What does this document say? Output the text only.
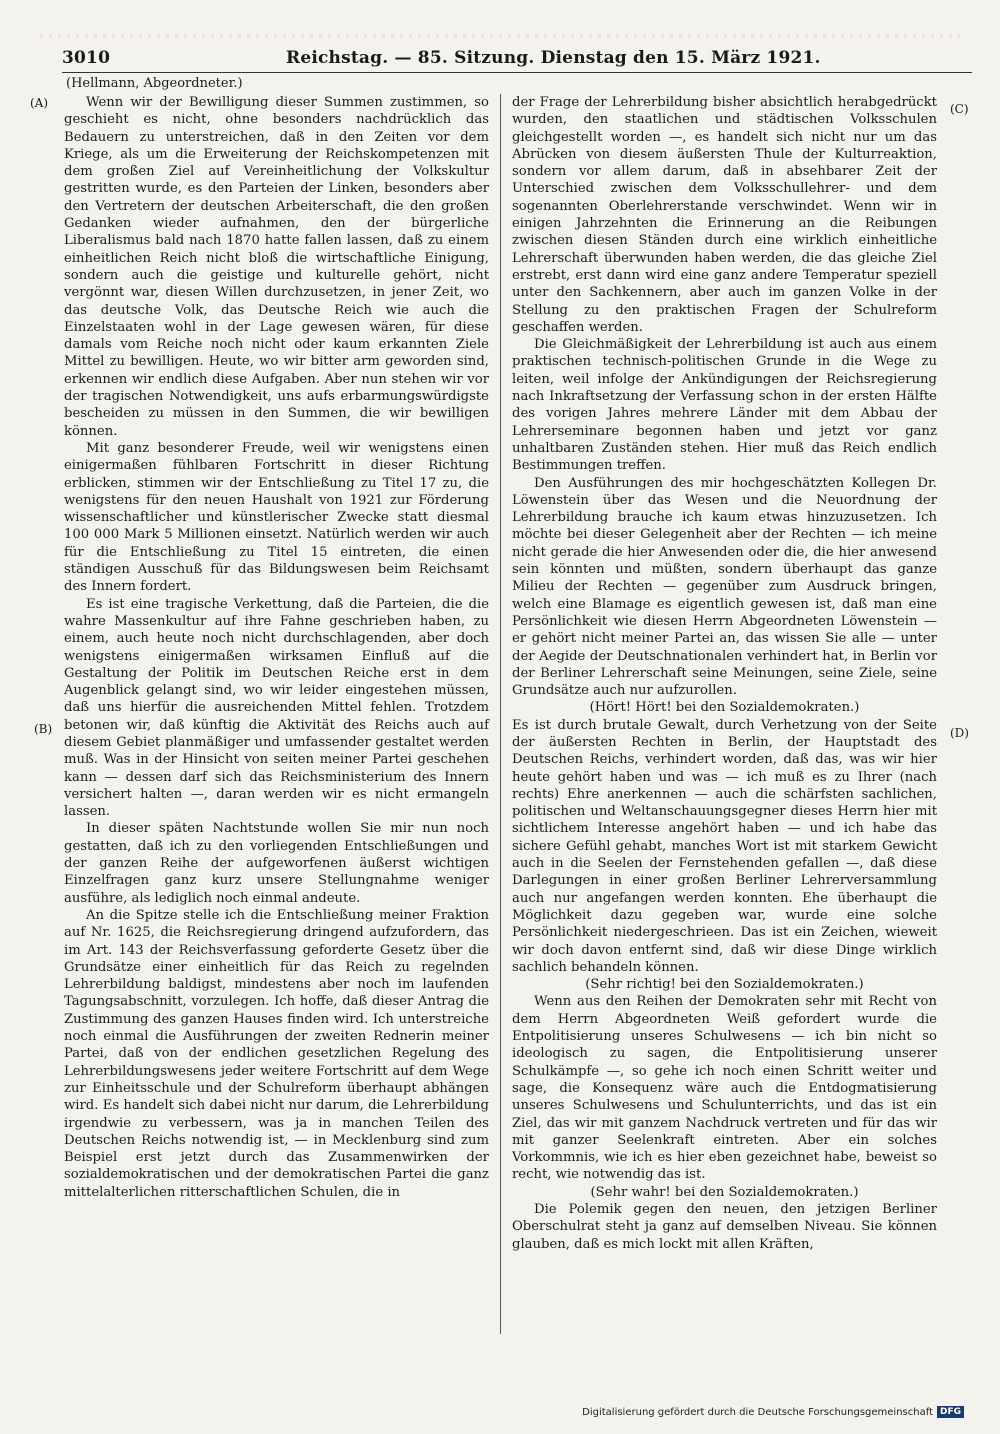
3010	Reichstag. — 85. Sitzung. Dienstag den 15. März 1921.
(Hellmann, Abgeordneter.)
(A)
(B)
(C)
(D)

Wenn wir der Bewilligung dieser Summen zustimmen, so geschieht es nicht, ohne besonders nachdrücklich das Bedauern zu unterstreichen, daß in den Zeiten vor dem Kriege, als um die Erweiterung der Reichskompetenzen mit dem großen Ziel auf Vereinheitlichung der Volkskultur gestritten wurde, es den Parteien der Linken, besonders aber den Vertretern der deutschen Arbeiterschaft, die den großen Gedanken wieder aufnahmen, den der bürgerliche Liberalismus bald nach 1870 hatte fallen lassen, daß zu einem einheitlichen Reich nicht bloß die wirtschaftliche Einigung, sondern auch die geistige und kulturelle gehört, nicht vergönnt war, diesen Willen durchzusetzen, in jener Zeit, wo das deutsche Volk, das Deutsche Reich wie auch die Einzelstaaten wohl in der Lage gewesen wären, für diese damals vom Reiche noch nicht oder kaum erkannten Ziele Mittel zu bewilligen. Heute, wo wir bitter arm geworden sind, erkennen wir endlich diese Aufgaben. Aber nun stehen wir vor der tragischen Notwendigkeit, uns aufs erbarmungswürdigste bescheiden zu müssen in den Summen, die wir bewilligen können.

Mit ganz besonderer Freude, weil wir wenigstens einen einigermaßen fühlbaren Fortschritt in dieser Richtung erblicken, stimmen wir der Entschließung zu Titel 17 zu, die wenigstens für den neuen Haushalt von 1921 zur Förderung wissenschaftlicher und künstlerischer Zwecke statt diesmal 100 000 Mark 5 Millionen einsetzt. Natürlich werden wir auch für die Entschließung zu Titel 15 eintreten, die einen ständigen Ausschuß für das Bildungswesen beim Reichsamt des Innern fordert.

Es ist eine tragische Verkettung, daß die Parteien, die die wahre Massenkultur auf ihre Fahne geschrieben haben, zu einem, auch heute noch nicht durchschlagenden, aber doch wenigstens einigermaßen wirksamen Einfluß auf die Gestaltung der Politik im Deutschen Reiche erst in dem Augenblick gelangt sind, wo wir leider eingestehen müssen, daß uns hierfür die ausreichenden Mittel fehlen. Trotzdem betonen wir, daß künftig die Aktivität des Reichs auch auf diesem Gebiet planmäßiger und umfassender gestaltet werden muß. Was in der Hinsicht von seiten meiner Partei geschehen kann — dessen darf sich das Reichsministerium des Innern versichert halten —, daran werden wir es nicht ermangeln lassen.

In dieser späten Nachtstunde wollen Sie mir nun noch gestatten, daß ich zu den vorliegenden Entschließungen und der ganzen Reihe der aufgeworfenen äußerst wichtigen Einzelfragen ganz kurz unsere Stellungnahme weniger ausführe, als lediglich noch einmal andeute.

An die Spitze stelle ich die Entschließung meiner Fraktion auf Nr. 1625, die Reichsregierung dringend aufzufordern, das im Art. 143 der Reichsverfassung geforderte Gesetz über die Grundsätze einer einheitlich für das Reich zu regelnden Lehrerbildung baldigst, mindestens aber noch im laufenden Tagungsabschnitt, vorzulegen. Ich hoffe, daß dieser Antrag die Zustimmung des ganzen Hauses finden wird. Ich unterstreiche noch einmal die Ausführungen der zweiten Rednerin meiner Partei, daß von der endlichen gesetzlichen Regelung des Lehrerbildungswesens jeder weitere Fortschritt auf dem Wege zur Einheitsschule und der Schulreform überhaupt abhängen wird. Es handelt sich dabei nicht nur darum, die Lehrerbildung irgendwie zu verbessern, was ja in manchen Teilen des Deutschen Reichs notwendig ist, — in Mecklenburg sind zum Beispiel erst jetzt durch das Zusammenwirken der sozialdemokratischen und der demokratischen Partei die ganz mittelalterlichen ritterschaftlichen Schulen, die in

der Frage der Lehrerbildung bisher absichtlich herabgedrückt wurden, den staatlichen und städtischen Volksschulen gleichgestellt worden —, es handelt sich nicht nur um das Abrücken von diesem äußersten Thule der Kulturreaktion, sondern vor allem darum, daß in absehbarer Zeit der Unterschied zwischen dem Volksschullehrer- und dem sogenannten Oberlehrerstande verschwindet. Wenn wir in einigen Jahrzehnten die Erinnerung an die Reibungen zwischen diesen Ständen durch eine wirklich einheitliche Lehrerschaft überwunden haben werden, die das gleiche Ziel erstrebt, erst dann wird eine ganz andere Temperatur speziell unter den Sachkennern, aber auch im ganzen Volke in der Stellung zu den praktischen Fragen der Schulreform geschaffen werden.

Die Gleichmäßigkeit der Lehrerbildung ist auch aus einem praktischen technisch-politischen Grunde in die Wege zu leiten, weil infolge der Ankündigungen der Reichsregierung nach Inkraftsetzung der Verfassung schon in der ersten Hälfte des vorigen Jahres mehrere Länder mit dem Abbau der Lehrerseminare begonnen haben und jetzt vor ganz unhaltbaren Zuständen stehen. Hier muß das Reich endlich Bestimmungen treffen.

Den Ausführungen des mir hochgeschätzten Kollegen Dr. Löwenstein über das Wesen und die Neuordnung der Lehrerbildung brauche ich kaum etwas hinzuzusetzen. Ich möchte bei dieser Gelegenheit aber der Rechten — ich meine nicht gerade die hier Anwesenden oder die, die hier anwesend sein könnten und müßten, sondern überhaupt das ganze Milieu der Rechten — gegenüber zum Ausdruck bringen, welch eine Blamage es eigentlich gewesen ist, daß man eine Persönlichkeit wie diesen Herrn Abgeordneten Löwenstein — er gehört nicht meiner Partei an, das wissen Sie alle — unter der Aegide der Deutschnationalen verhindert hat, in Berlin vor der Berliner Lehrerschaft seine Meinungen, seine Ziele, seine Grundsätze auch nur aufzurollen.

(Hört! Hört! bei den Sozialdemokraten.)

Es ist durch brutale Gewalt, durch Verhetzung von der Seite der äußersten Rechten in Berlin, der Hauptstadt des Deutschen Reichs, verhindert worden, daß das, was wir hier heute gehört haben und was — ich muß es zu Ihrer (nach rechts) Ehre anerkennen — auch die schärfsten sachlichen, politischen und Weltanschauungsgegner dieses Herrn hier mit sichtlichem Interesse angehört haben — und ich habe das sichere Gefühl gehabt, manches Wort ist mit starkem Gewicht auch in die Seelen der Fernstehenden gefallen —, daß diese Darlegungen in einer großen Berliner Lehrerversammlung auch nur angefangen werden konnten. Ehe überhaupt die Möglichkeit dazu gegeben war, wurde eine solche Persönlichkeit niedergeschrieen. Das ist ein Zeichen, wieweit wir doch davon entfernt sind, daß wir diese Dinge wirklich sachlich behandeln können.

(Sehr richtig! bei den Sozialdemokraten.)

Wenn aus den Reihen der Demokraten sehr mit Recht von dem Herrn Abgeordneten Weiß gefordert wurde die Entpolitisierung unseres Schulwesens — ich bin nicht so ideologisch zu sagen, die Entpolitisierung unserer Schulkämpfe —, so gehe ich noch einen Schritt weiter und sage, die Konsequenz wäre auch die Entdogmatisierung unseres Schulwesens und Schulunterrichts, und das ist ein Ziel, das wir mit ganzem Nachdruck vertreten und für das wir mit ganzer Seelenkraft eintreten. Aber ein solches Vorkommnis, wie ich es hier eben gezeichnet habe, beweist so recht, wie notwendig das ist.

(Sehr wahr! bei den Sozialdemokraten.)

Die Polemik gegen den neuen, den jetzigen Berliner Oberschulrat steht ja ganz auf demselben Niveau. Sie können glauben, daß es mich lockt mit allen Kräften,

Digitalisierung gefördert durch die Deutsche Forschungsgemeinschaft DFG
